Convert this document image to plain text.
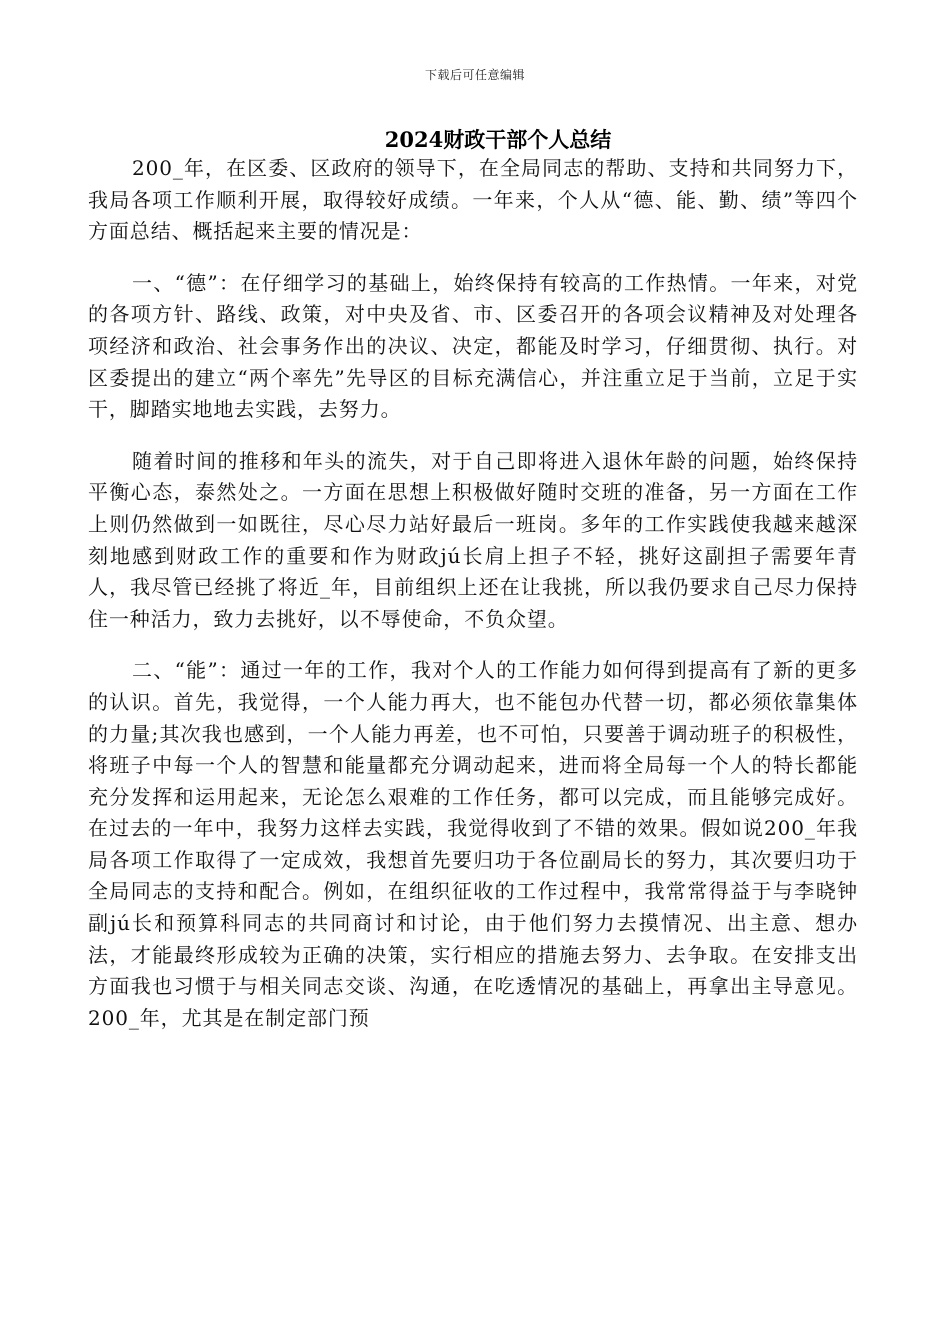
下载后可任意编辑
2024财政干部个人总结

200_年，在区委、区政府的领导下，在全局同志的帮助、支持和共同努力下，我局各项工作顺利开展，取得较好成绩。一年来，个人从“德、能、勤、绩”等四个方面总结、概括起来主要的情况是：

一、“德”：在仔细学习的基础上，始终保持有较高的工作热情。一年来，对党的各项方针、路线、政策，对中央及省、市、区委召开的各项会议精神及对处理各项经济和政治、社会事务作出的决议、决定，都能及时学习，仔细贯彻、执行。对区委提出的建立“两个率先”先导区的目标充满信心，并注重立足于当前，立足于实干，脚踏实地地去实践，去努力。

随着时间的推移和年头的流失，对于自己即将进入退休年龄的问题，始终保持平衡心态，泰然处之。一方面在思想上积极做好随时交班的准备，另一方面在工作上则仍然做到一如既往，尽心尽力站好最后一班岗。多年的工作实践使我越来越深刻地感到财政工作的重要和作为财政jú长肩上担子不轻，挑好这副担子需要年青人，我尽管已经挑了将近_年，目前组织上还在让我挑，所以我仍要求自己尽力保持住一种活力，致力去挑好，以不辱使命，不负众望。

二、“能”：通过一年的工作，我对个人的工作能力如何得到提高有了新的更多的认识。首先，我觉得，一个人能力再大，也不能包办代替一切，都必须依靠集体的力量;其次我也感到，一个人能力再差，也不可怕，只要善于调动班子的积极性，将班子中每一个人的智慧和能量都充分调动起来，进而将全局每一个人的特长都能充分发挥和运用起来，无论怎么艰难的工作任务，都可以完成，而且能够完成好。在过去的一年中，我努力这样去实践，我觉得收到了不错的效果。假如说200_年我局各项工作取得了一定成效，我想首先要归功于各位副局长的努力，其次要归功于全局同志的支持和配合。例如，在组织征收的工作过程中，我常常得益于与李晓钟副jú长和预算科同志的共同商讨和讨论，由于他们努力去摸情况、出主意、想办法，才能最终形成较为正确的决策，实行相应的措施去努力、去争取。在安排支出方面我也习惯于与相关同志交谈、沟通，在吃透情况的基础上，再拿出主导意见。200_年，尤其是在制定部门预
